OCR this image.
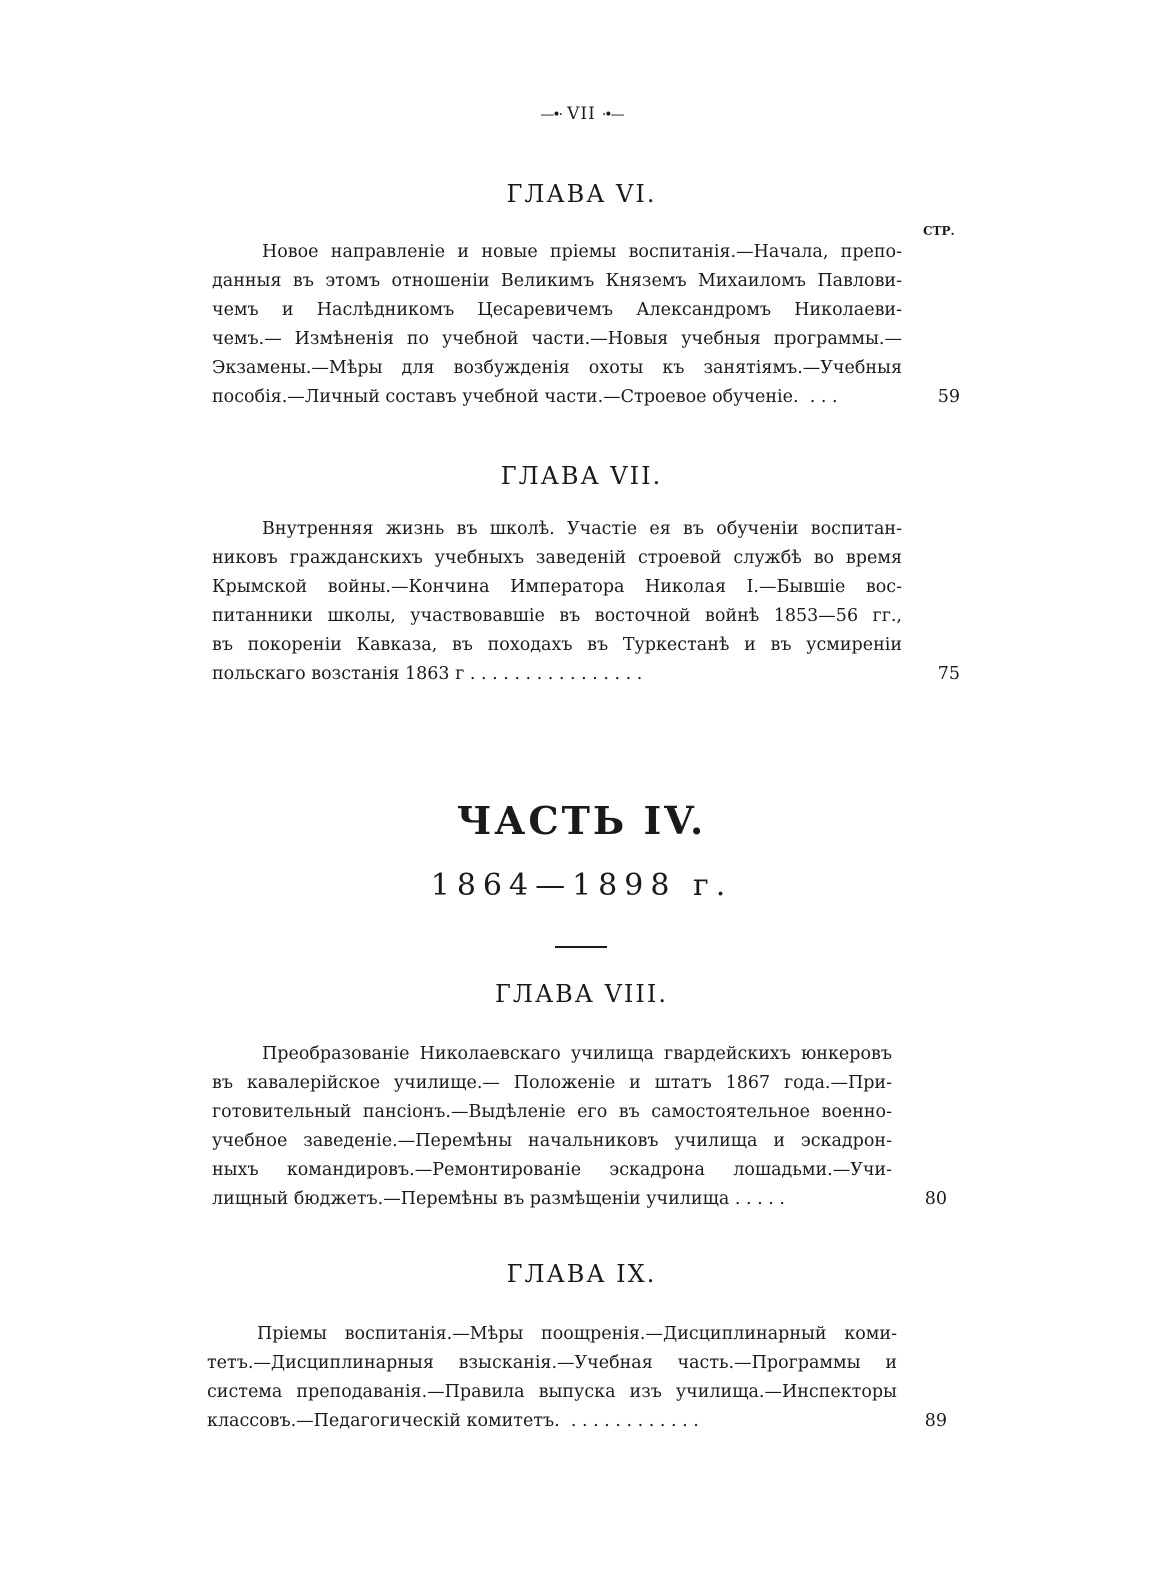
—•· VII ·•—
ГЛАВА VI.
СТР.
Новое направленіе и новые пріемы воспитанія.—Начала, препо-
данныя въ этомъ отношеніи Великимъ Княземъ Михаиломъ Павлови-
чемъ и Наслѣдникомъ Цесаревичемъ Александромъ Николаеви-
чемъ.— Измѣненія по учебной части.—Новыя учебныя программы.—
Экзамены.—Мѣры для возбужденія охоты къ занятіямъ.—Учебныя
пособія.—Личный составъ учебной части.—Строевое обученіе. . . .	59
ГЛАВА VII.
Внутренняя жизнь въ школѣ. Участіе ея въ обученіи воспитан-
никовъ гражданскихъ учебныхъ заведеній строевой службѣ во время
Крымской войны.—Кончина Императора Николая I.—Бывшіе вос-
питанники школы, участвовавшіе въ восточной войнѣ 1853—56 гг.,
въ покореніи Кавказа, въ походахъ въ Туркестанѣ и въ усмиреніи
польскаго возстанія 1863 г . . . . . . . . . . . . . . . .	75
ЧАСТЬ IV.
1864—1898 г.
ГЛАВА VIII.
Преобразованіе Николаевскаго училища гвардейскихъ юнкеровъ
въ кавалерійское училище.— Положеніе и штатъ 1867 года.—При-
готовительный пансіонъ.—Выдѣленіе его въ самостоятельное военно-
учебное заведеніе.—Перемѣны начальниковъ училища и эскадрон-
ныхъ командировъ.—Ремонтированіе эскадрона лошадьми.—Учи-
лищный бюджетъ.—Перемѣны въ размѣщеніи училища . . . . .	80
ГЛАВА IX.
Пріемы воспитанія.—Мѣры поощренія.—Дисциплинарный коми-
тетъ.—Дисциплинарныя взысканія.—Учебная часть.—Программы и
система преподаванія.—Правила выпуска изъ училища.—Инспекторы
классовъ.—Педагогическій комитетъ. . . . . . . . . . . . .	89
